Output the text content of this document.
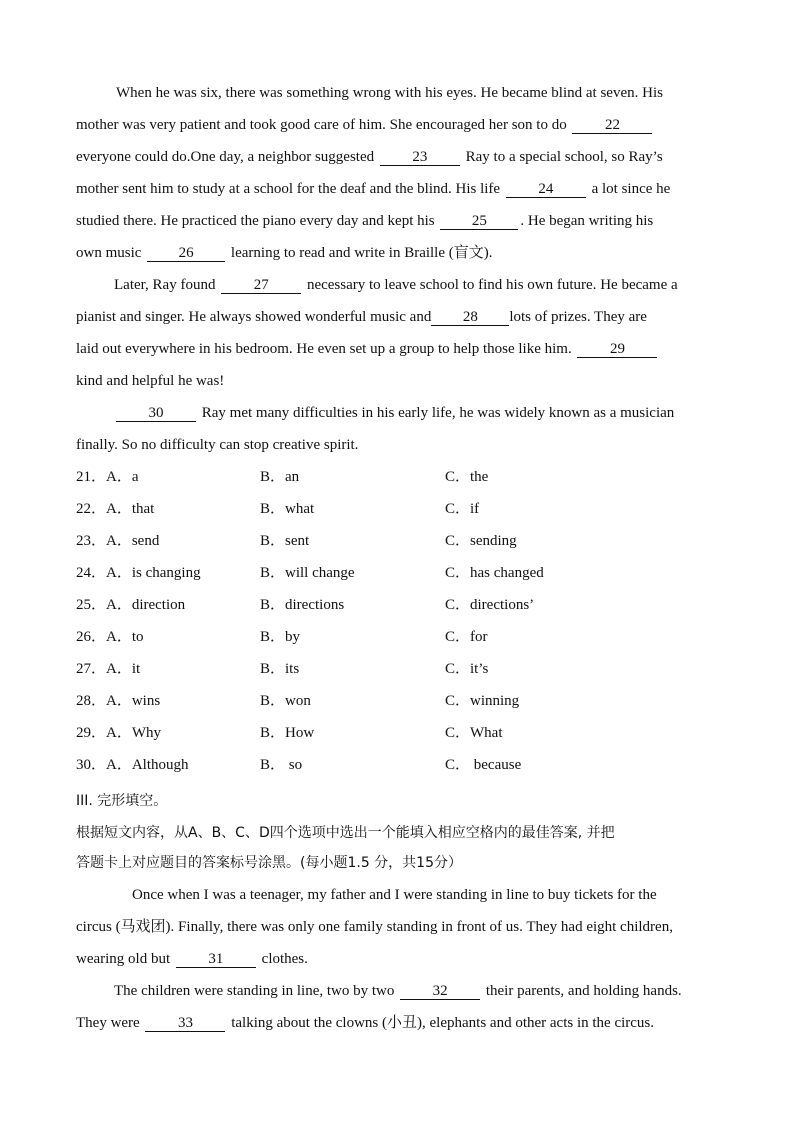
When he was six, there was something wrong with his eyes. He became blind at seven. His
mother was very patient and took good care of him. She encouraged her son to do	22
everyone could do.One day, a neighbor suggested	23	Ray to a special school, so Ray’s
mother sent him to study at a school for the deaf and the blind. His life	24	a lot since he
studied there. He practiced the piano every day and kept his 25 . He began writing his
own music 26 learning to read and write in Braille (盲文).
Later, Ray found	27	necessary to leave school to find his own future. He became a
pianist and singer. He always showed wonderful music and 28 lots of prizes. They are
laid out everywhere in his bedroom. He even set up a group to help those like him.	29
kind and helpful he was!
30	Ray met many difficulties in his early life, he was widely known as a musician
finally. So no difficulty can stop creative spirit.
21．A．a	B．an	C．the
22．A．that	B．what	C．if
23．A．send	B．sent	C．sending
24．A．is changing	B．will change	C．has changed
25．A．direction	B．directions	C．directions’
26．A．to	B．by	C．for
27．A．it	B．its	C．it’s
28．A．wins	B．won	C．winning
29．A．Why	B．How	C．What
30．A．Although	B． so	C． because
III. 完形填空。
根据短文内容，从A、B、C、D四个选项中选出一个能填入相应空格内的最佳答案, 并把
答题卡上对应题目的答案标号涂黑。(每小题1.5 分，共15分）
Once when I was a teenager, my father and I were standing in line to buy tickets for the
circus (马戏团). Finally, there was only one family standing in front of us. They had eight children,
wearing old but	31	clothes.
The children were standing in line, two by two	32	their parents, and holding hands.
They were	33	talking about the clowns (小丑), elephants and other acts in the circus.
